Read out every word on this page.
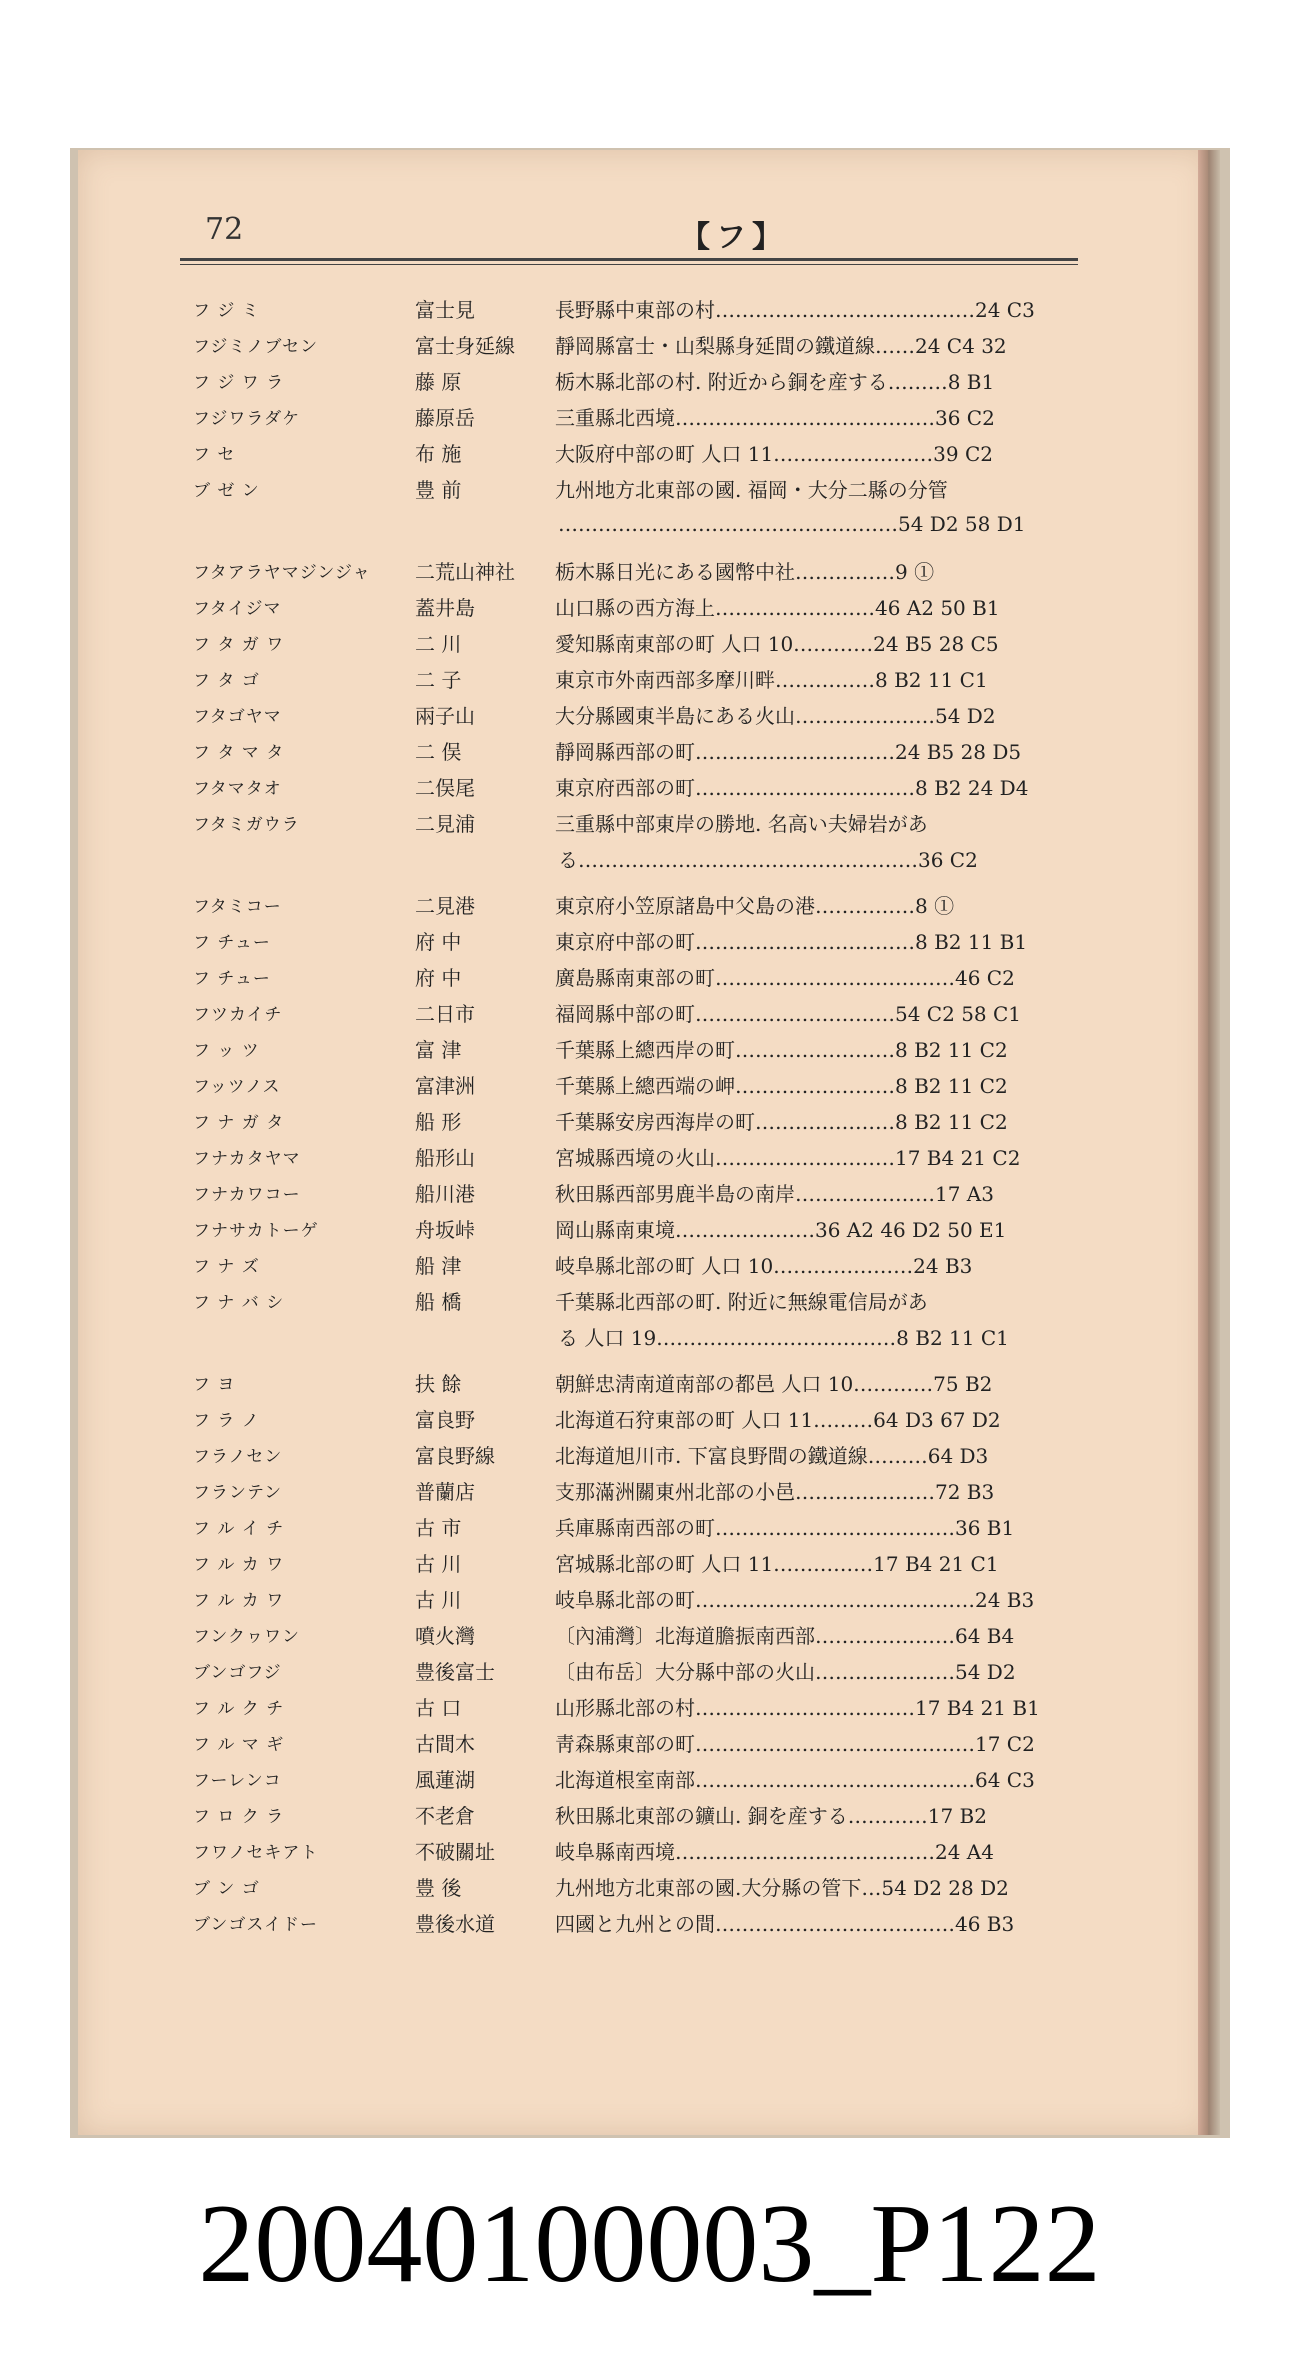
72	【フ】
フ ジ ミ	富士見	長野縣中東部の村…………………………………24 C3
フジミノブセン	富士身延線	靜岡縣富士・山梨縣身延間の鐵道線……24 C4 32
フ ジ ワ ラ	藤 原	栃木縣北部の村. 附近から銅を産する………8 B1
フジワラダケ	藤原岳	三重縣北西境…………………………………36 C2
フ セ	布 施	大阪府中部の町 人口 11……………………39 C2
ブ ゼ ン	豊 前	九州地方北東部の國. 福岡・大分二縣の分管
……………………………………………54 D2 58 D1
フタアラヤマジンジャ	二荒山神社	栃木縣日光にある國幣中社……………9 ①
フタイジマ	蓋井島	山口縣の西方海上……………………46 A2 50 B1
フ タ ガ ワ	二 川	愛知縣南東部の町 人口 10…………24 B5 28 C5
フ タ ゴ	二 子	東京市外南西部多摩川畔……………8 B2 11 C1
フタゴヤマ	兩子山	大分縣國東半島にある火山…………………54 D2
フ タ マ タ	二 俣	靜岡縣西部の町…………………………24 B5 28 D5
フタマタオ	二俣尾	東京府西部の町……………………………8 B2 24 D4
フタミガウラ	二見浦	三重縣中部東岸の勝地. 名高い夫婦岩があ
る……………………………………………36 C2
フタミコー	二見港	東京府小笠原諸島中父島の港……………8 ①
フ チュー	府 中	東京府中部の町……………………………8 B2 11 B1
フ チュー	府 中	廣島縣南東部の町………………………………46 C2
フツカイチ	二日市	福岡縣中部の町…………………………54 C2 58 C1
フ ッ ツ	富 津	千葉縣上總西岸の町……………………8 B2 11 C2
フッツノス	富津洲	千葉縣上總西端の岬……………………8 B2 11 C2
フ ナ ガ タ	船 形	千葉縣安房西海岸の町…………………8 B2 11 C2
フナカタヤマ	船形山	宮城縣西境の火山………………………17 B4 21 C2
フナカワコー	船川港	秋田縣西部男鹿半島の南岸…………………17 A3
フナサカトーゲ	舟坂峠	岡山縣南東境…………………36 A2 46 D2 50 E1
フ ナ ズ	船 津	岐阜縣北部の町 人口 10…………………24 B3
フ ナ バ シ	船 橋	千葉縣北西部の町. 附近に無線電信局があ
る 人口 19………………………………8 B2 11 C1
フ ヨ	扶 餘	朝鮮忠淸南道南部の都邑 人口 10…………75 B2
フ ラ ノ	富良野	北海道石狩東部の町 人口 11………64 D3 67 D2
フラノセン	富良野線	北海道旭川市. 下富良野間の鐵道線………64 D3
フランテン	普蘭店	支那滿洲關東州北部の小邑…………………72 B3
フ ル イ チ	古 市	兵庫縣南西部の町………………………………36 B1
フ ル カ ワ	古 川	宮城縣北部の町 人口 11……………17 B4 21 C1
フ ル カ ワ	古 川	岐阜縣北部の町……………………………………24 B3
フンクヮワン	噴火灣	〔內浦灣〕北海道膽振南西部…………………64 B4
ブンゴフジ	豊後富士	〔由布岳〕大分縣中部の火山…………………54 D2
フ ル ク チ	古 口	山形縣北部の村……………………………17 B4 21 B1
フ ル マ ギ	古間木	靑森縣東部の町……………………………………17 C2
フーレンコ	風蓮湖	北海道根室南部……………………………………64 C3
フ ロ ク ラ	不老倉	秋田縣北東部の鑛山. 銅を産する…………17 B2
フワノセキアト	不破關址	岐阜縣南西境…………………………………24 A4
ブ ン ゴ	豊 後	九州地方北東部の國.大分縣の管下…54 D2 28 D2
ブンゴスイドー	豊後水道	四國と九州との間………………………………46 B3
20040100003_P122
